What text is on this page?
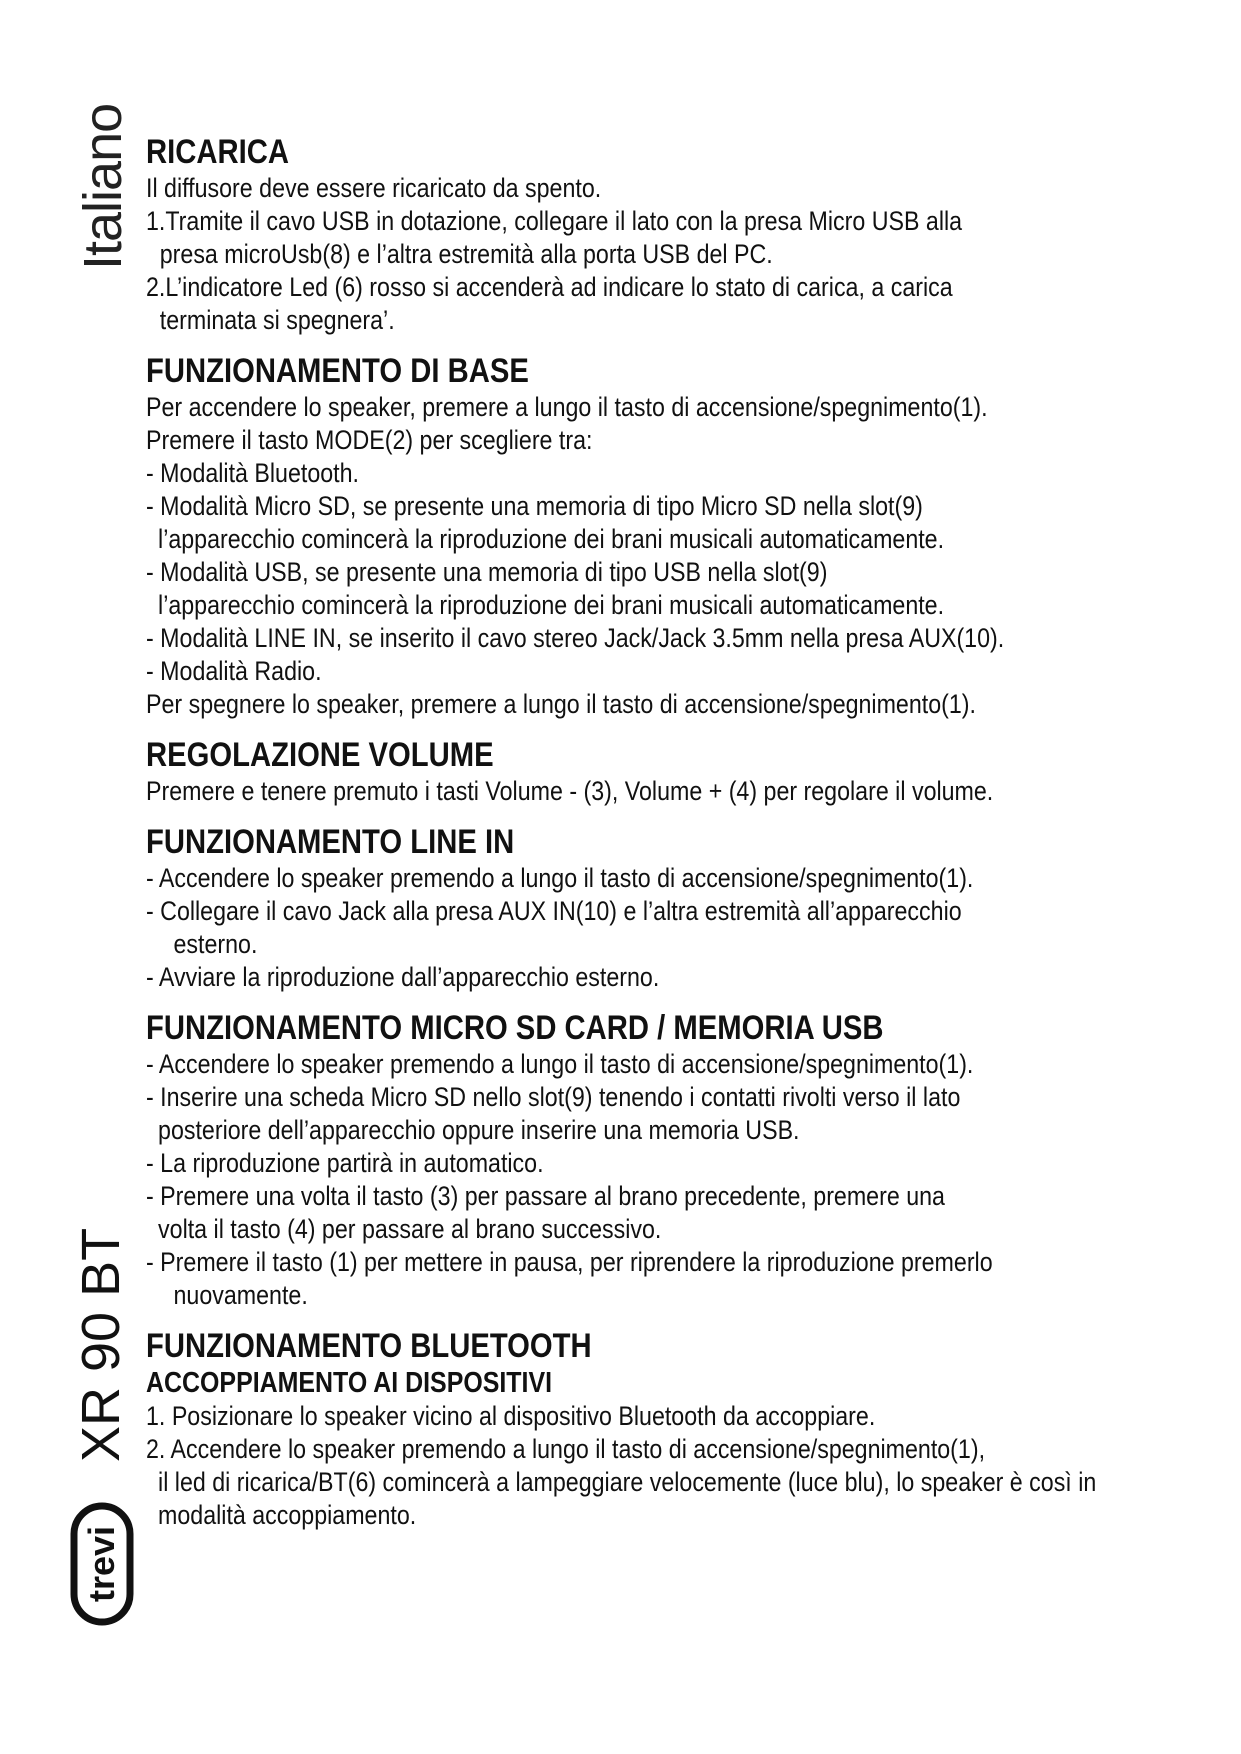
Italiano
XR 90 BT
trevi
RICARICA
Il diffusore deve essere ricaricato da spento.
1.Tramite il cavo USB in dotazione, collegare il lato con la presa Micro USB alla
presa microUsb(8) e l’altra estremità alla porta USB del PC.
2.L’indicatore Led (6) rosso si accenderà ad indicare lo stato di carica, a carica
terminata si spegnera’.
FUNZIONAMENTO DI BASE
Per accendere lo speaker, premere a lungo il tasto di accensione/spegnimento(1).
Premere il tasto MODE(2) per scegliere tra:
- Modalità Bluetooth.
- Modalità Micro SD, se presente una memoria di tipo Micro SD nella slot(9)
l’apparecchio comincerà la riproduzione dei brani musicali automaticamente.
- Modalità USB, se presente una memoria di tipo USB nella slot(9)
l’apparecchio comincerà la riproduzione dei brani musicali automaticamente.
- Modalità LINE IN, se inserito il cavo stereo Jack/Jack 3.5mm nella presa AUX(10).
- Modalità Radio.
Per spegnere lo speaker, premere a lungo il tasto di accensione/spegnimento(1).
REGOLAZIONE VOLUME
Premere e tenere premuto i tasti Volume - (3), Volume + (4) per regolare il volume.
FUNZIONAMENTO LINE IN
- Accendere lo speaker premendo a lungo il tasto di accensione/spegnimento(1).
- Collegare il cavo Jack alla presa AUX IN(10) e l’altra estremità all’apparecchio
esterno.
- Avviare la riproduzione dall’apparecchio esterno.
FUNZIONAMENTO MICRO SD CARD / MEMORIA USB
- Accendere lo speaker premendo a lungo il tasto di accensione/spegnimento(1).
- Inserire una scheda Micro SD nello slot(9) tenendo i contatti rivolti verso il lato
posteriore dell’apparecchio oppure inserire una memoria USB.
- La riproduzione partirà in automatico.
- Premere una volta il tasto (3) per passare al brano precedente, premere una
volta il tasto (4) per passare al brano successivo.
- Premere il tasto (1) per mettere in pausa, per riprendere la riproduzione premerlo
nuovamente.
FUNZIONAMENTO BLUETOOTH
ACCOPPIAMENTO AI DISPOSITIVI
1. Posizionare lo speaker vicino al dispositivo Bluetooth da accoppiare.
2. Accendere lo speaker premendo a lungo il tasto di accensione/spegnimento(1),
il led di ricarica/BT(6) comincerà a lampeggiare velocemente (luce blu), lo speaker è così in
modalità accoppiamento.
